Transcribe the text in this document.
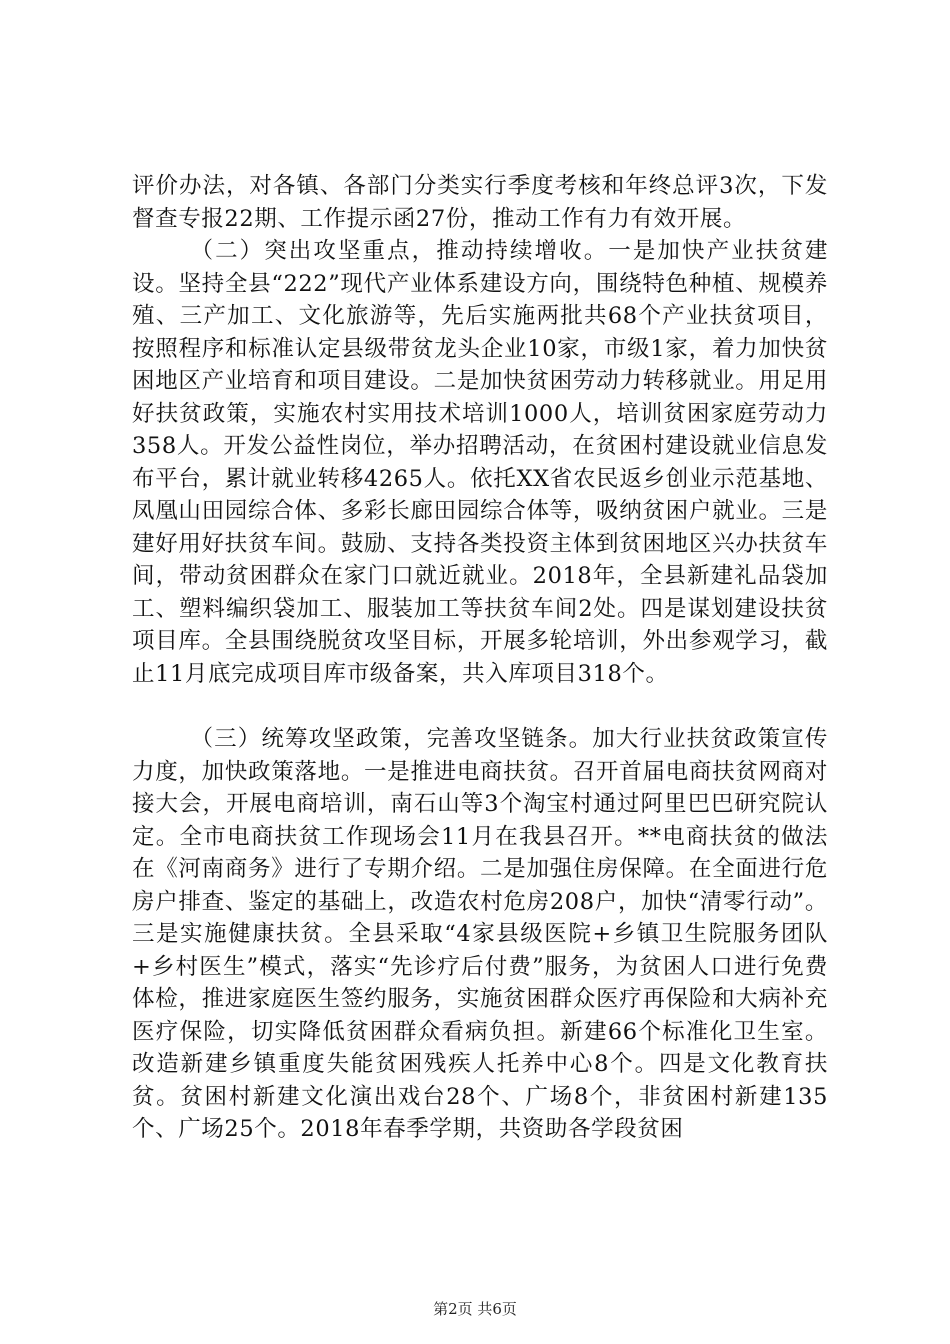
评价办法，对各镇、各部门分类实行季度考核和年终总评3次，下发督查专报22期、工作提示函27份，推动工作有力有效开展。

（二）突出攻坚重点，推动持续增收。一是加快产业扶贫建设。坚持全县“222”现代产业体系建设方向，围绕特色种植、规模养殖、三产加工、文化旅游等，先后实施两批共68个产业扶贫项目，按照程序和标准认定县级带贫龙头企业10家，市级1家，着力加快贫困地区产业培育和项目建设。二是加快贫困劳动力转移就业。用足用好扶贫政策，实施农村实用技术培训1000人，培训贫困家庭劳动力358人。开发公益性岗位，举办招聘活动，在贫困村建设就业信息发布平台，累计就业转移4265人。依托XX省农民返乡创业示范基地、凤凰山田园综合体、多彩长廊田园综合体等，吸纳贫困户就业。三是建好用好扶贫车间。鼓励、支持各类投资主体到贫困地区兴办扶贫车间，带动贫困群众在家门口就近就业。2018年，全县新建礼品袋加工、塑料编织袋加工、服装加工等扶贫车间2处。四是谋划建设扶贫项目库。全县围绕脱贫攻坚目标，开展多轮培训，外出参观学习，截止11月底完成项目库市级备案，共入库项目318个。

（三）统筹攻坚政策，完善攻坚链条。加大行业扶贫政策宣传力度，加快政策落地。一是推进电商扶贫。召开首届电商扶贫网商对接大会，开展电商培训，南石山等3个淘宝村通过阿里巴巴研究院认定。全市电商扶贫工作现场会11月在我县召开。**电商扶贫的做法在《河南商务》进行了专期介绍。二是加强住房保障。在全面进行危房户排查、鉴定的基础上，改造农村危房208户，加快“清零行动”。三是实施健康扶贫。全县采取“4家县级医院+乡镇卫生院服务团队+乡村医生”模式，落实“先诊疗后付费”服务，为贫困人口进行免费体检，推进家庭医生签约服务，实施贫困群众医疗再保险和大病补充医疗保险，切实降低贫困群众看病负担。新建66个标准化卫生室。改造新建乡镇重度失能贫困残疾人托养中心8个。四是文化教育扶贫。贫困村新建文化演出戏台28个、广场8个，非贫困村新建135个、广场25个。2018年春季学期，共资助各学段贫困

第2页 共6页
